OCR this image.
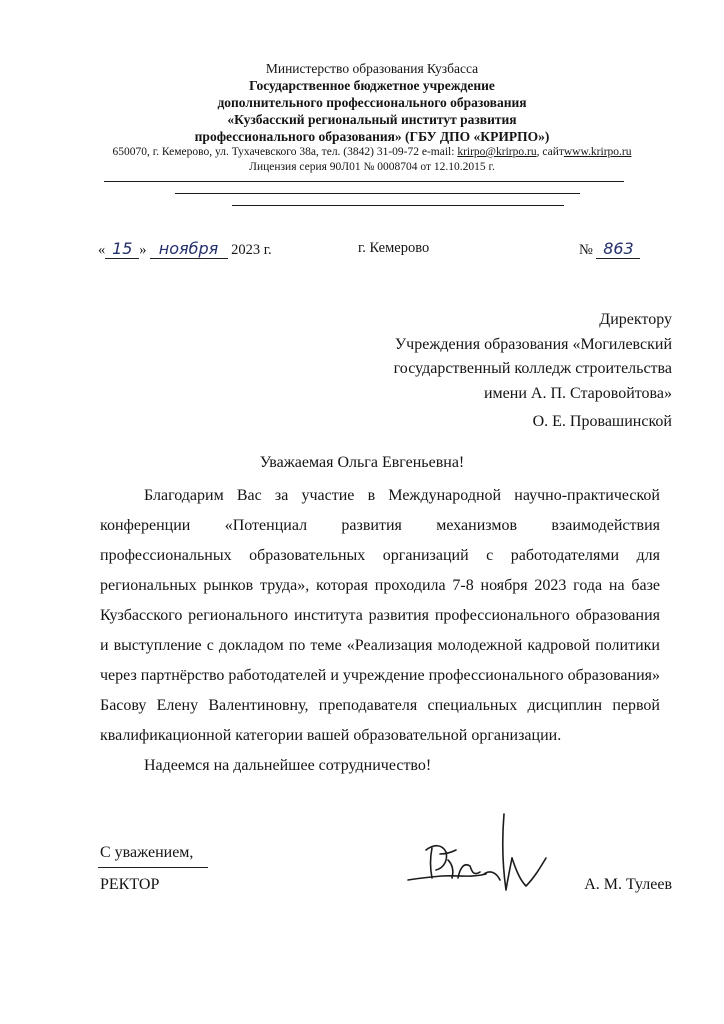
Министерство образования Кузбасса

Государственное бюджетное учреждение

дополнительного профессионального образования

«Кузбасский региональный институт развития

профессионального образования» (ГБУ ДПО «КРИРПО»)

650070, г. Кемерово, ул. Тухачевского 38а, тел. (3842) 31-09-72 e-mail: krirpo@krirpo.ru, сайтwww.krirpo.ru

Лицензия серия 90Л01 № 0008704 от 12.10.2015 г.

« 15 » ноября 2023 г.	г. Кемерово	№ 863

Директору

Учреждения образования «Могилевский

государственный колледж строительства

имени А. П. Старовойтова»

О. Е. Провашинской

Уважаемая Ольга Евгеньевна!

Благодарим Вас за участие в Международной научно-практической конференции «Потенциал развития механизмов взаимодействия профессиональных образовательных организаций с работодателями для региональных рынков труда», которая проходила 7-8 ноября 2023 года на базе Кузбасского регионального института развития профессионального образования и выступление с докладом по теме «Реализация молодежной кадровой политики через партнёрство работодателей и учреждение профессионального образования» Басову Елену Валентиновну, преподавателя специальных дисциплин первой квалификационной категории вашей образовательной организации.

Надеемся на дальнейшее сотрудничество!

С уважением,
РЕКТОР	А. М. Тулеев
